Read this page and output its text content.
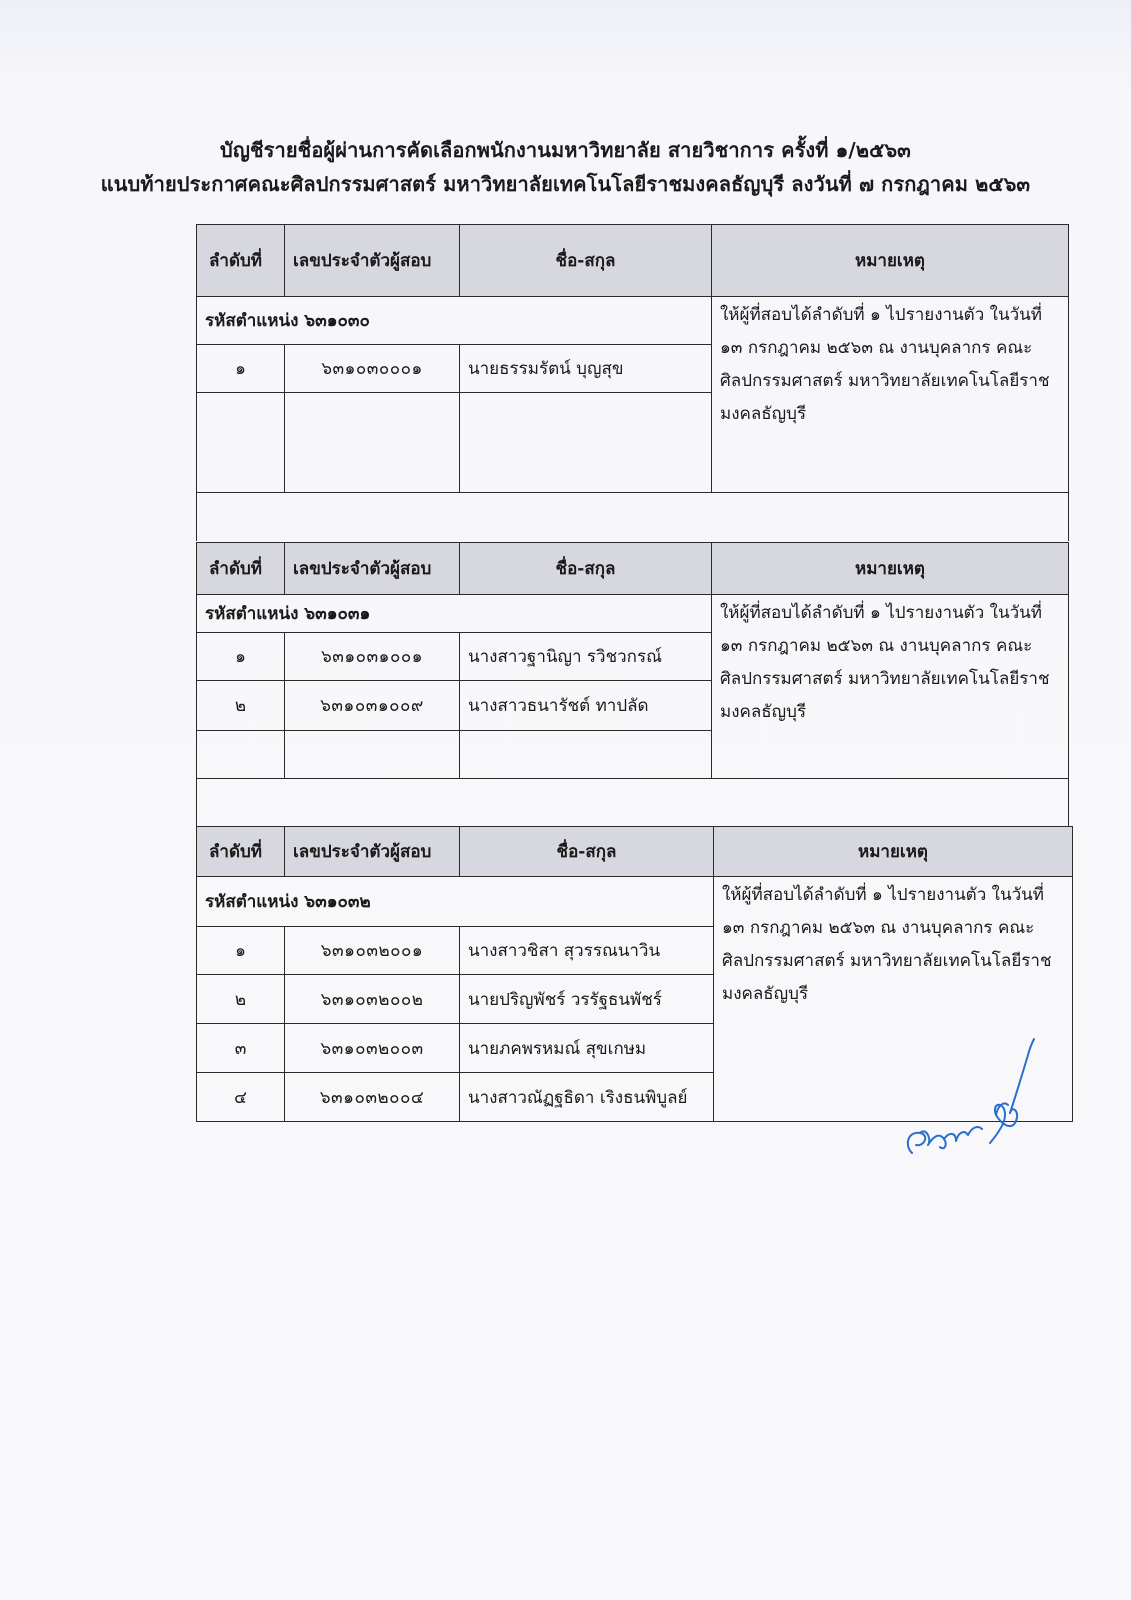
บัญชีรายชื่อผู้ผ่านการคัดเลือกพนักงานมหาวิทยาลัย สายวิชาการ ครั้งที่ ๑/๒๕๖๓
แนบท้ายประกาศคณะศิลปกรรมศาสตร์ มหาวิทยาลัยเทคโนโลยีราชมงคลธัญบุรี ลงวันที่ ๗ กรกฎาคม ๒๕๖๓
ลำดับที่	เลขประจำตัวผู้สอบ	ชื่อ-สกุล	หมายเหตุ
รหัสตำแหน่ง ๖๓๑๐๓๐			ให้ผู้ที่สอบได้ลำดับที่ ๑ ไปรายงานตัว ในวันที่ ๑๓ กรกฎาคม ๒๕๖๓ ณ งานบุคลากร คณะศิลปกรรมศาสตร์ มหาวิทยาลัยเทคโนโลยีราชมงคลธัญบุรี
๑	๖๓๑๐๓๐๐๐๑	นายธรรมรัตน์ บุญสุข	

ลำดับที่	เลขประจำตัวผู้สอบ	ชื่อ-สกุล	หมายเหตุ
รหัสตำแหน่ง ๖๓๑๐๓๑			ให้ผู้ที่สอบได้ลำดับที่ ๑ ไปรายงานตัว ในวันที่ ๑๓ กรกฎาคม ๒๕๖๓ ณ งานบุคลากร คณะศิลปกรรมศาสตร์ มหาวิทยาลัยเทคโนโลยีราชมงคลธัญบุรี
๑	๖๓๑๐๓๑๐๐๑	นางสาวฐานิญา รวิชวกรณ์	
๒	๖๓๑๐๓๑๐๐๙	นางสาวธนารัชต์ ทาปลัด	

ลำดับที่	เลขประจำตัวผู้สอบ	ชื่อ-สกุล	หมายเหตุ
รหัสตำแหน่ง ๖๓๑๐๓๒			ให้ผู้ที่สอบได้ลำดับที่ ๑ ไปรายงานตัว ในวันที่ ๑๓ กรกฎาคม ๒๕๖๓ ณ งานบุคลากร คณะศิลปกรรมศาสตร์ มหาวิทยาลัยเทคโนโลยีราชมงคลธัญบุรี
๑	๖๓๑๐๓๒๐๐๑	นางสาวชิสา สุวรรณนาวิน	
๒	๖๓๑๐๓๒๐๐๒	นายปริญพัชร์ วรรัฐธนพัชร์	
๓	๖๓๑๐๓๒๐๐๓	นายภคพรหมณ์ สุขเกษม	
๔	๖๓๑๐๓๒๐๐๔	นางสาวณัฏฐธิดา เริงธนพิบูลย์	
